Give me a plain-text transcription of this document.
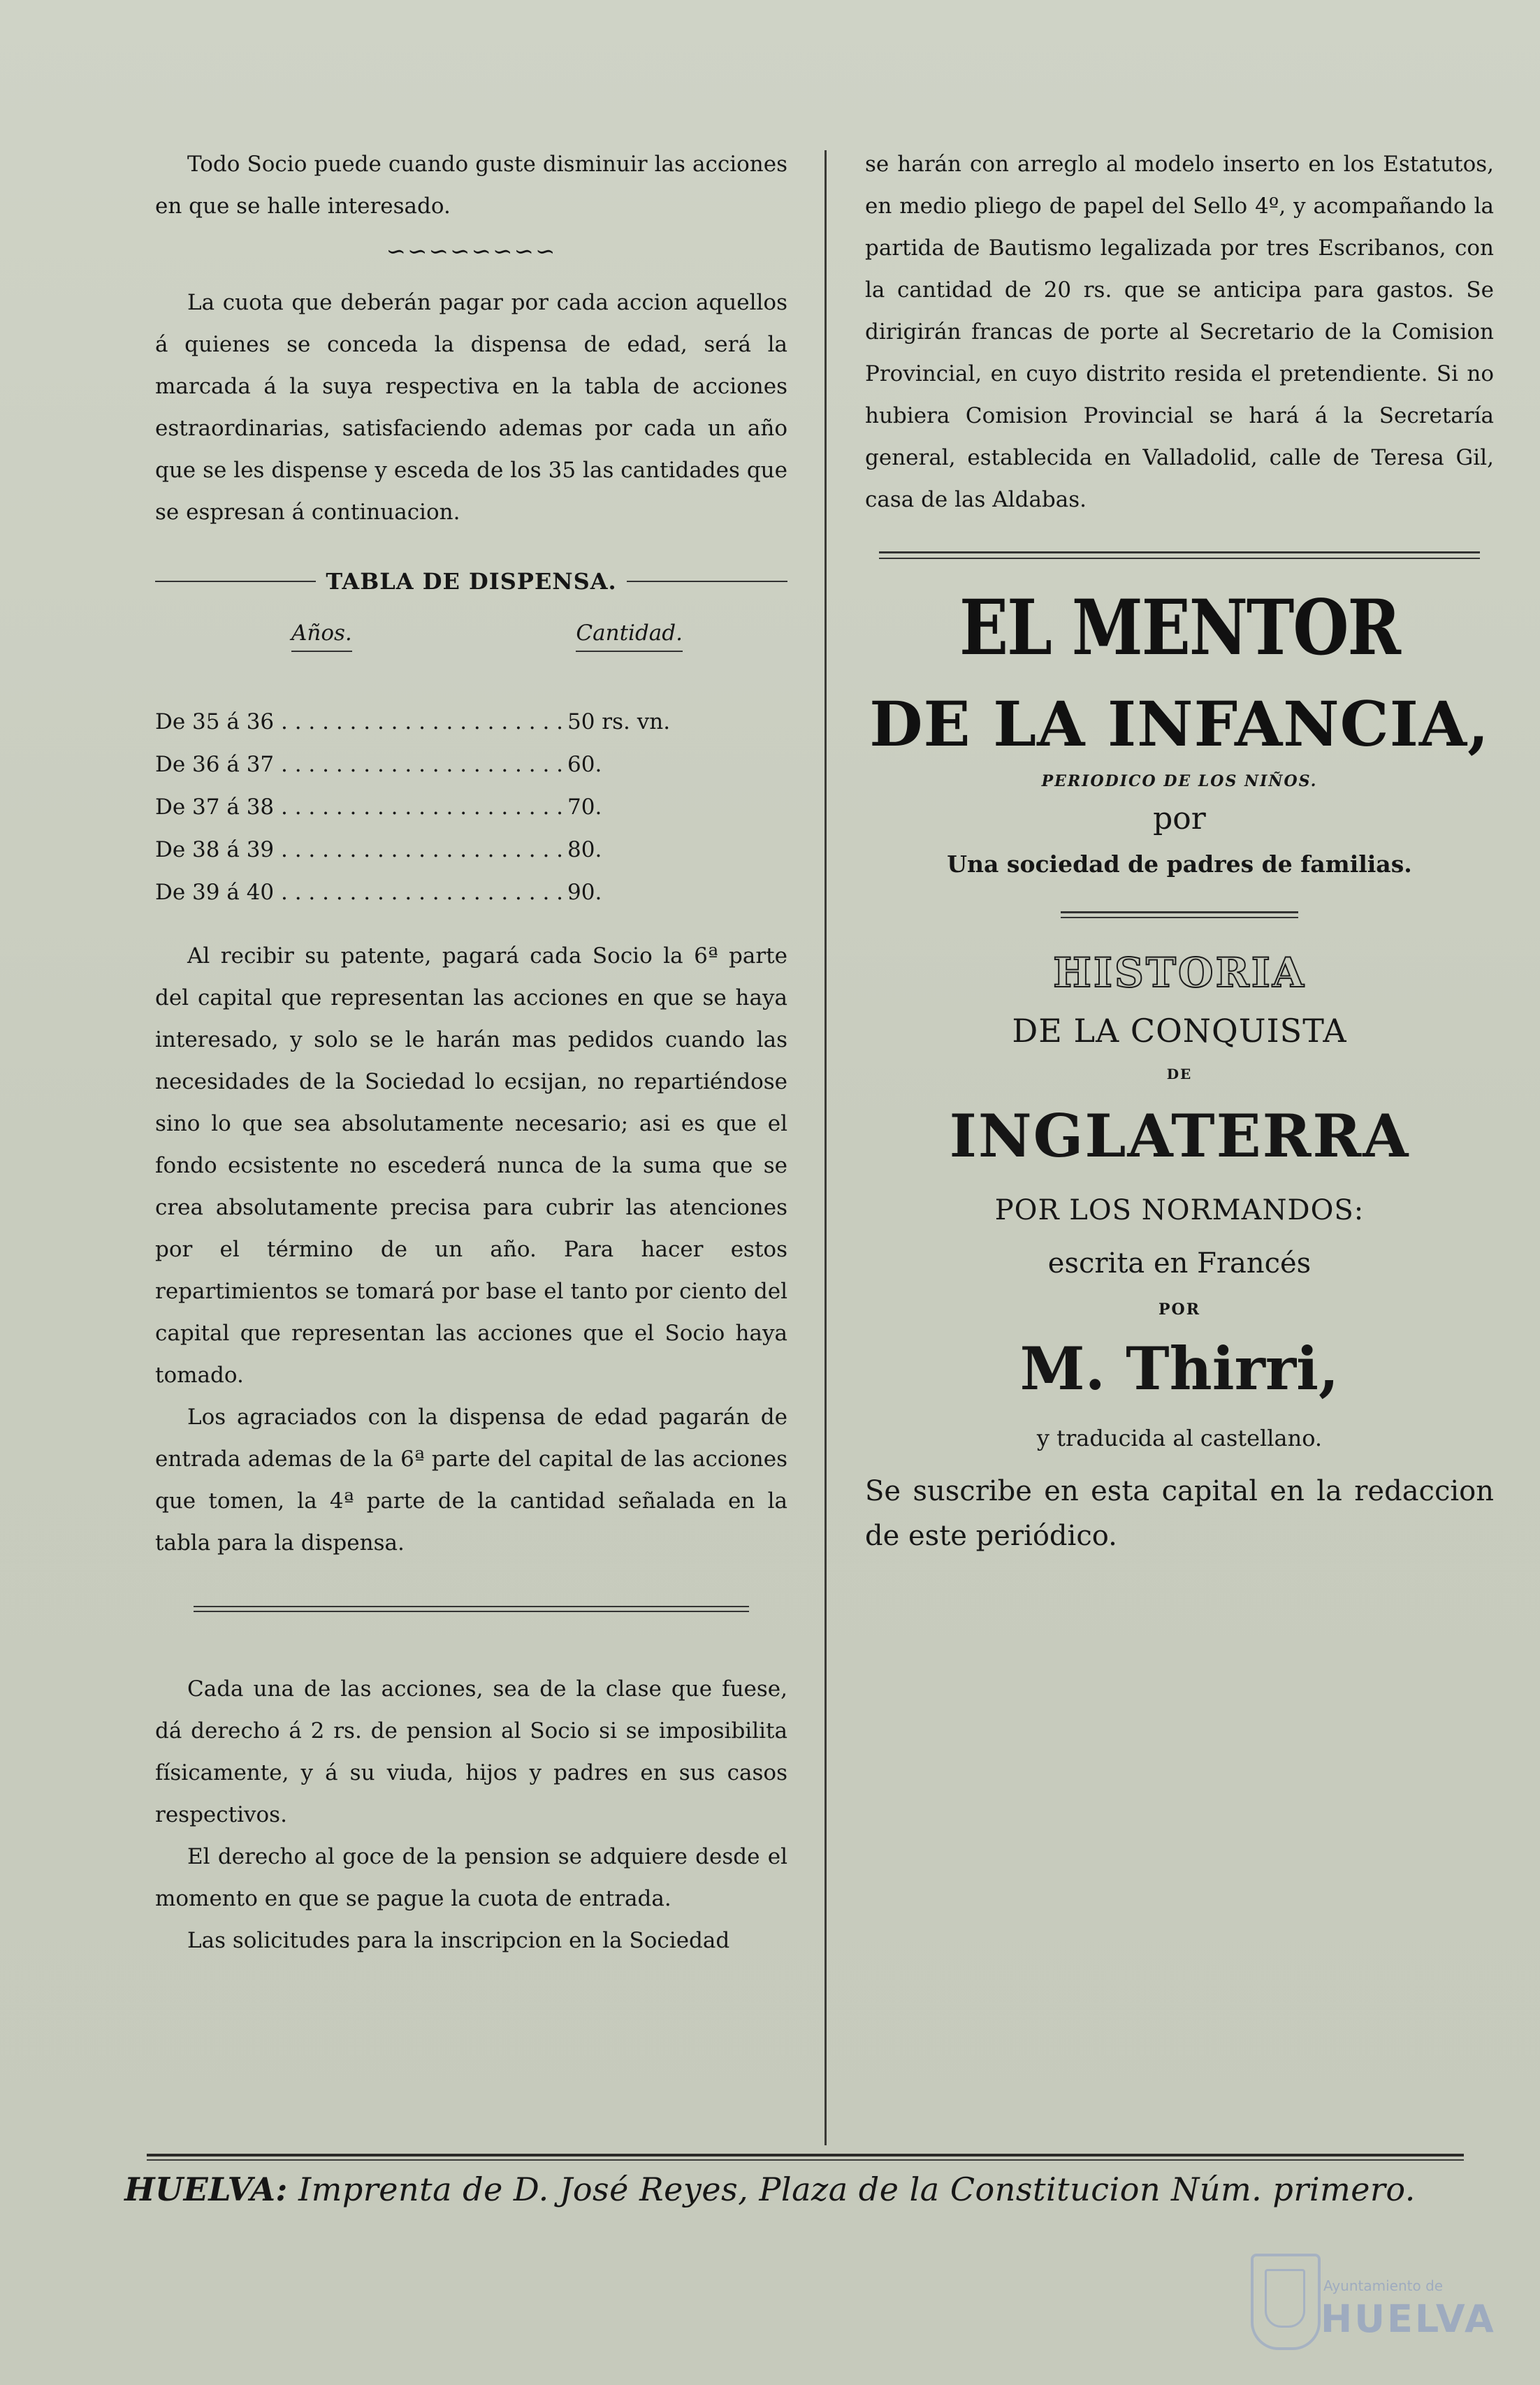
Todo Socio puede cuando guste disminuir las acciones en que se halle interesado.

∽∽∽∽∽∽∽∽

La cuota que deberán pagar por cada accion aquellos á quienes se conceda la dispensa de edad, será la marcada á la suya respectiva en la tabla de acciones estraordinarias, satisfaciendo ademas por cada un año que se les dispense y esceda de los 35 las cantidades que se espresan á continuacion.

TABLA DE DISPENSA.
Años.	Cantidad.
De 35 á 36 . . .	50 rs. vn.
De 36 á 37 . . .	60.
De 37 á 38 . . .	70.
De 38 á 39 . . .	80.
De 39 á 40 . . .	90.

Al recibir su patente, pagará cada Socio la 6ª parte del capital que representan las acciones en que se haya interesado, y solo se le harán mas pedidos cuando las necesidades de la Sociedad lo ecsijan, no repartiéndose sino lo que sea absolutamente necesario; asi es que el fondo ecsistente no escederá nunca de la suma que se crea absolutamente precisa para cubrir las atenciones por el término de un año. Para hacer estos repartimientos se tomará por base el tanto por ciento del capital que representan las acciones que el Socio haya tomado.

Los agraciados con la dispensa de edad pagarán de entrada ademas de la 6ª parte del capital de las acciones que tomen, la 4ª parte de la cantidad señalada en la tabla para la dispensa.

Cada una de las acciones, sea de la clase que fuese, dá derecho á 2 rs. de pension al Socio si se imposibilita físicamente, y á su viuda, hijos y padres en sus casos respectivos.

El derecho al goce de la pension se adquiere desde el momento en que se pague la cuota de entrada.

Las solicitudes para la inscripcion en la Sociedad

se harán con arreglo al modelo inserto en los Estatutos, en medio pliego de papel del Sello 4º, y acompañando la partida de Bautismo legalizada por tres Escribanos, con la cantidad de 20 rs. que se anticipa para gastos. Se dirigirán francas de porte al Secretario de la Comision Provincial, en cuyo distrito resida el pretendiente. Si no hubiera Comision Provincial se hará á la Secretaría general, establecida en Valladolid, calle de Teresa Gil, casa de las Aldabas.

EL MENTOR
DE LA INFANCIA,
PERIODICO DE LOS NIÑOS.
por
Una sociedad de padres de familias.
HISTORIA
DE LA CONQUISTA
DE
INGLATERRA
POR LOS NORMANDOS:
escrita en Francés
POR
M. Thirri,
y traducida al castellano.

Se suscribe en esta capital en la redaccion de este periódico.

HUELVA: Imprenta de D. José Reyes, Plaza de la Constitucion Núm. primero.
Ayuntamiento de
HUELVA
